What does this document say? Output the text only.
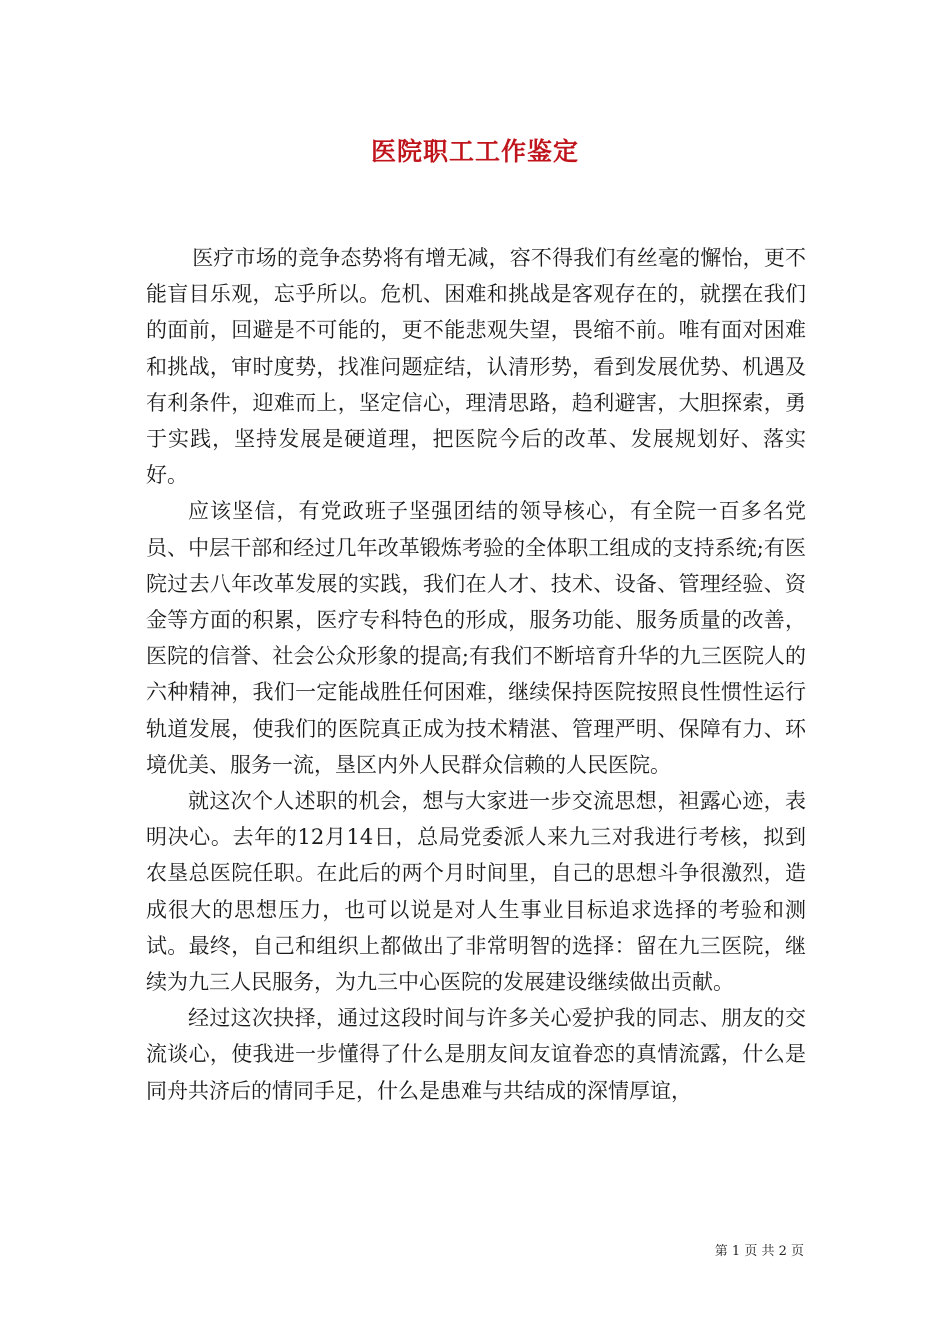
医院职工工作鉴定

医疗市场的竞争态势将有增无减，容不得我们有丝毫的懈怡，更不能盲目乐观，忘乎所以。危机、困难和挑战是客观存在的，就摆在我们的面前，回避是不可能的，更不能悲观失望，畏缩不前。唯有面对困难和挑战，审时度势，找准问题症结，认清形势，看到发展优势、机遇及有利条件，迎难而上，坚定信心，理清思路，趋利避害，大胆探索，勇于实践，坚持发展是硬道理，把医院今后的改革、发展规划好、落实好。

应该坚信，有党政班子坚强团结的领导核心，有全院一百多名党员、中层干部和经过几年改革锻炼考验的全体职工组成的支持系统;有医院过去八年改革发展的实践，我们在人才、技术、设备、管理经验、资金等方面的积累，医疗专科特色的形成，服务功能、服务质量的改善，医院的信誉、社会公众形象的提高;有我们不断培育升华的九三医院人的六种精神，我们一定能战胜任何困难，继续保持医院按照良性惯性运行轨道发展，使我们的医院真正成为技术精湛、管理严明、保障有力、环境优美、服务一流，垦区内外人民群众信赖的人民医院。

就这次个人述职的机会，想与大家进一步交流思想，袒露心迹，表明决心。去年的12月14日，总局党委派人来九三对我进行考核，拟到农垦总医院任职。在此后的两个月时间里，自己的思想斗争很激烈，造成很大的思想压力，也可以说是对人生事业目标追求选择的考验和测试。最终，自己和组织上都做出了非常明智的选择：留在九三医院，继续为九三人民服务，为九三中心医院的发展建设继续做出贡献。

经过这次抉择，通过这段时间与许多关心爱护我的同志、朋友的交流谈心，使我进一步懂得了什么是朋友间友谊眷恋的真情流露，什么是同舟共济后的情同手足，什么是患难与共结成的深情厚谊，

第 1 页 共 2 页
